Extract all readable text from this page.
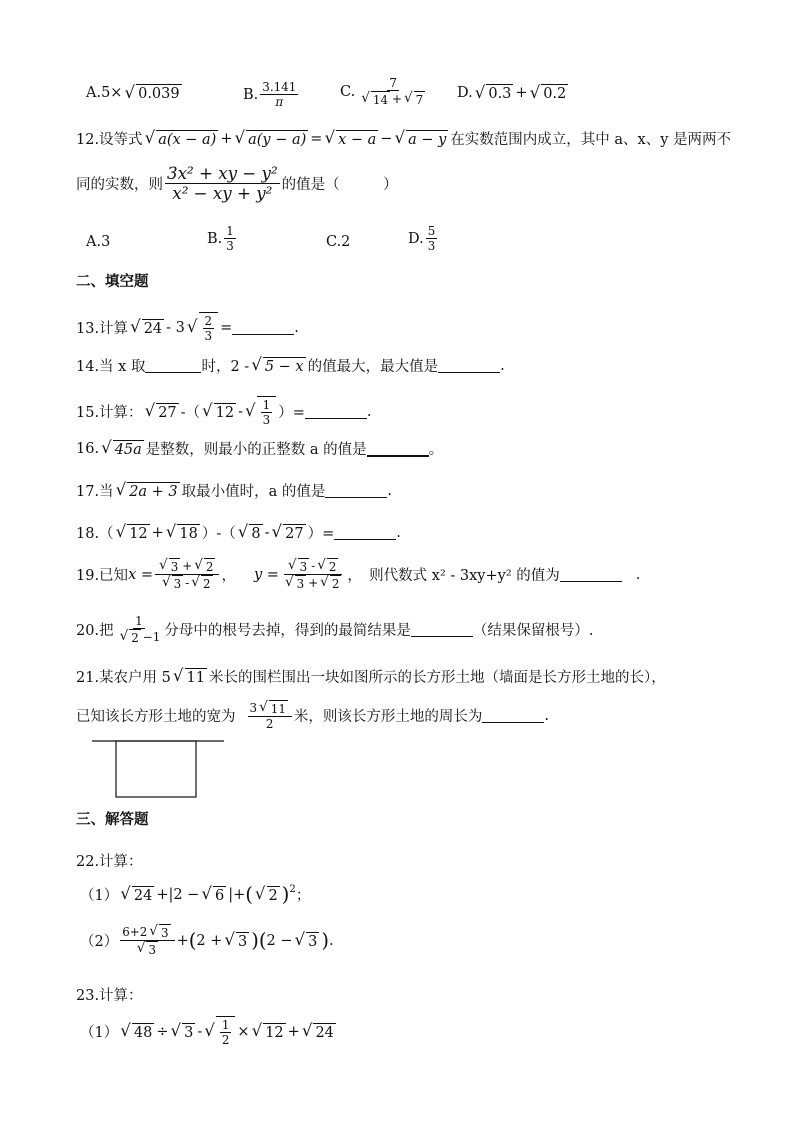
A.5× √ 0.039	B. $\frac{3.141}{\pi}$	C. $\frac{7}{√ 14 + √ 7} D$. √ 0.3 + √ 0.2
12.设等式 √ a(x − a) + √ a(y − a) = √ x − a − √ a − y 在实数范围内成立，其中 a、x、y 是两两不
同的实数，则 $\frac{\text{3x² + xy − y²}}{\text{x² − xy + y²}}$ 的值是（　　　）
A.3	B. $\frac{1}{3}$	C.2	D. $\frac{5}{3}$
二、填空题
13.计算 √ 24 - 3 √ $\frac{2}{3}$ =	.
14.当 x 取	时，2 - √ 5 − x 的值最大，最大值是	.
15.计算： √ 27 -（ √ 12 - √ $\frac{1}{3}$ ）=	.
16. √ 45a 是整数，则最小的正整数 a 的值是	。
17.当 √ 2a + 3 取最小值时，a 的值是	.
18.（ √ 12 + √ 18 ）-（ √ 8 - √ 27 ）=	.
19.已知 $x = \frac{√ 3 + √ 2}{√ 3 - √ 2}$ ， $y = \frac{√ 3 - √ 2}{√ 3 + √ 2}$ ，　则代数式 x² - 3xy+y² 的值为	.
20.把 $\frac{1}{√ 2 -1}$ 分母中的根号去掉，得到的最简结果是	（结果保留根号）.
21.某农户用 5 √ 11 米长的围栏围出一块如图所示的长方形土地（墙面是长方形土地的长），
已知该长方形土地的宽为 $\frac{3 √ 11}{2}$ 米，则该长方形土地的周长为	.
三、解答题
22.计算：
（1） √ 24 +|2 − √ 6 |+ ( √ 2 )$^2$ ；
$(2) \frac{6+2 √ 3}{√ 3}$ + ( 2 + √ 3 ) ( 2 − √ 3 ) .
23.计算：
（1） √ 48 ÷ √ 3 - √ $\frac{1}{2}$ × √ 12 + √ 24
